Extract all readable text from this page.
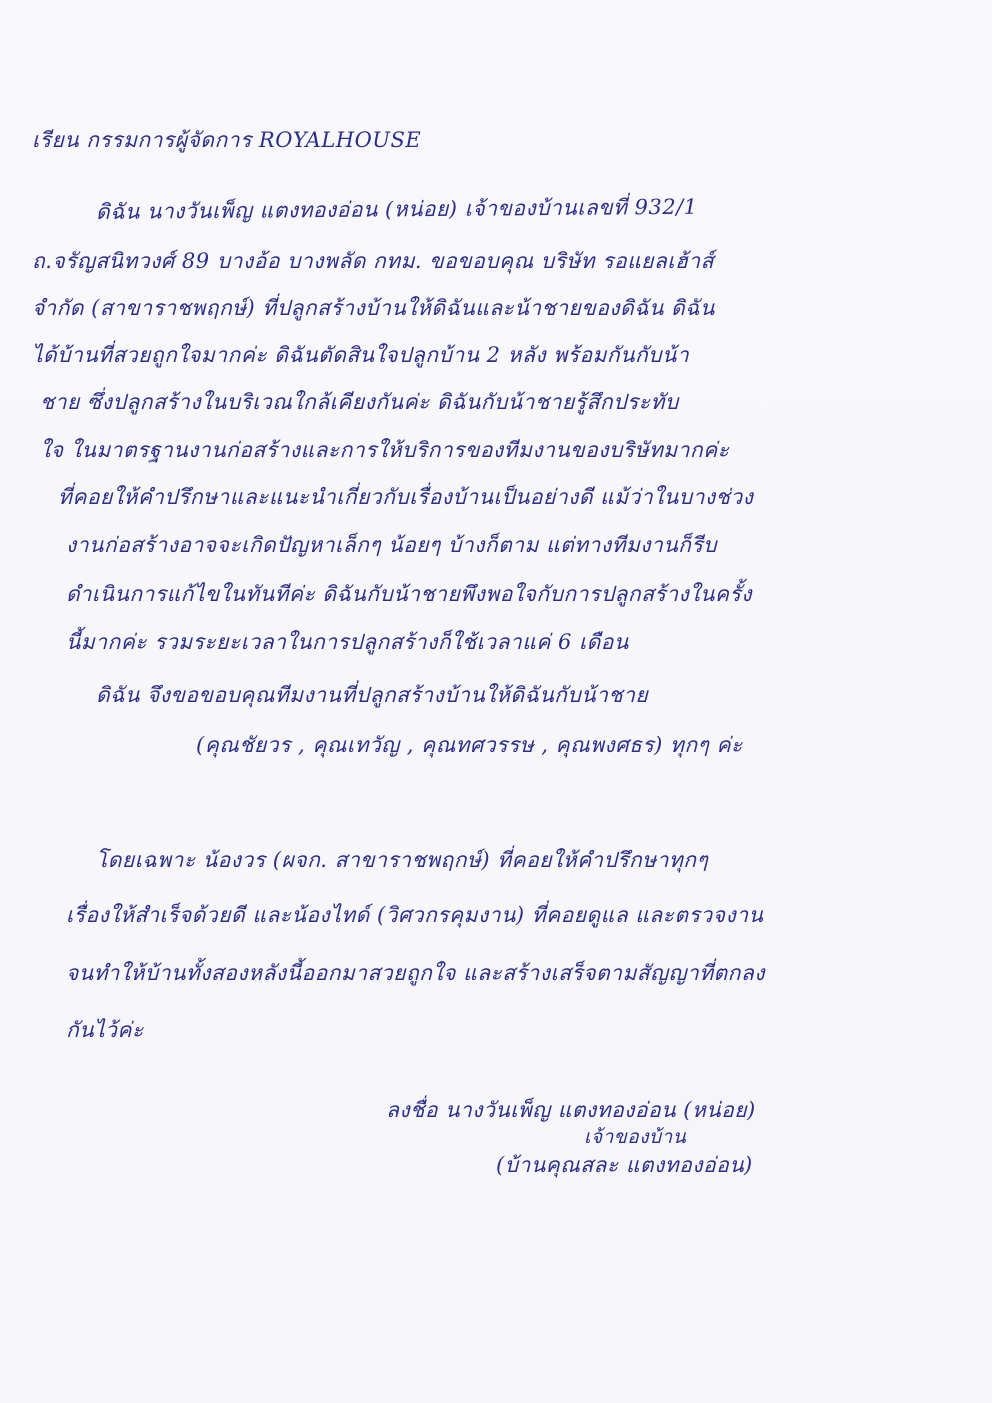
เรียน กรรมการผู้จัดการ ROYALHOUSE
ดิฉัน นางวันเพ็ญ แตงทองอ่อน (หน่อย) เจ้าของบ้านเลขที่ 932/1
ถ.จรัญสนิทวงศ์ 89 บางอ้อ บางพลัด กทม. ขอขอบคุณ บริษัท รอแยลเฮ้าส์
จำกัด (สาขาราชพฤกษ์) ที่ปลูกสร้างบ้านให้ดิฉันและน้าชายของดิฉัน ดิฉัน
ได้บ้านที่สวยถูกใจมากค่ะ ดิฉันตัดสินใจปลูกบ้าน 2 หลัง พร้อมกันกับน้า
ชาย ซึ่งปลูกสร้างในบริเวณใกล้เคียงกันค่ะ ดิฉันกับน้าชายรู้สึกประทับ
ใจ ในมาตรฐานงานก่อสร้างและการให้บริการของทีมงานของบริษัทมากค่ะ
ที่คอยให้คำปรึกษาและแนะนำเกี่ยวกับเรื่องบ้านเป็นอย่างดี แม้ว่าในบางช่วง
งานก่อสร้างอาจจะเกิดปัญหาเล็กๆ น้อยๆ บ้างก็ตาม แต่ทางทีมงานก็รีบ
ดำเนินการแก้ไขในทันทีค่ะ ดิฉันกับน้าชายพึงพอใจกับการปลูกสร้างในครั้ง
นี้มากค่ะ รวมระยะเวลาในการปลูกสร้างก็ใช้เวลาแค่ 6 เดือน
ดิฉัน จึงขอขอบคุณทีมงานที่ปลูกสร้างบ้านให้ดิฉันกับน้าชาย
(คุณชัยวร , คุณเทวัญ , คุณทศวรรษ , คุณพงศธร) ทุกๆ ค่ะ
โดยเฉพาะ น้องวร (ผจก. สาขาราชพฤกษ์) ที่คอยให้คำปรึกษาทุกๆ
เรื่องให้สำเร็จด้วยดี และน้องไทด์ (วิศวกรคุมงาน) ที่คอยดูแล และตรวจงาน
จนทำให้บ้านทั้งสองหลังนี้ออกมาสวยถูกใจ และสร้างเสร็จตามสัญญาที่ตกลง
กันไว้ค่ะ
ลงชื่อ นางวันเพ็ญ แตงทองอ่อน (หน่อย)
เจ้าของบ้าน
(บ้านคุณสละ แตงทองอ่อน)
